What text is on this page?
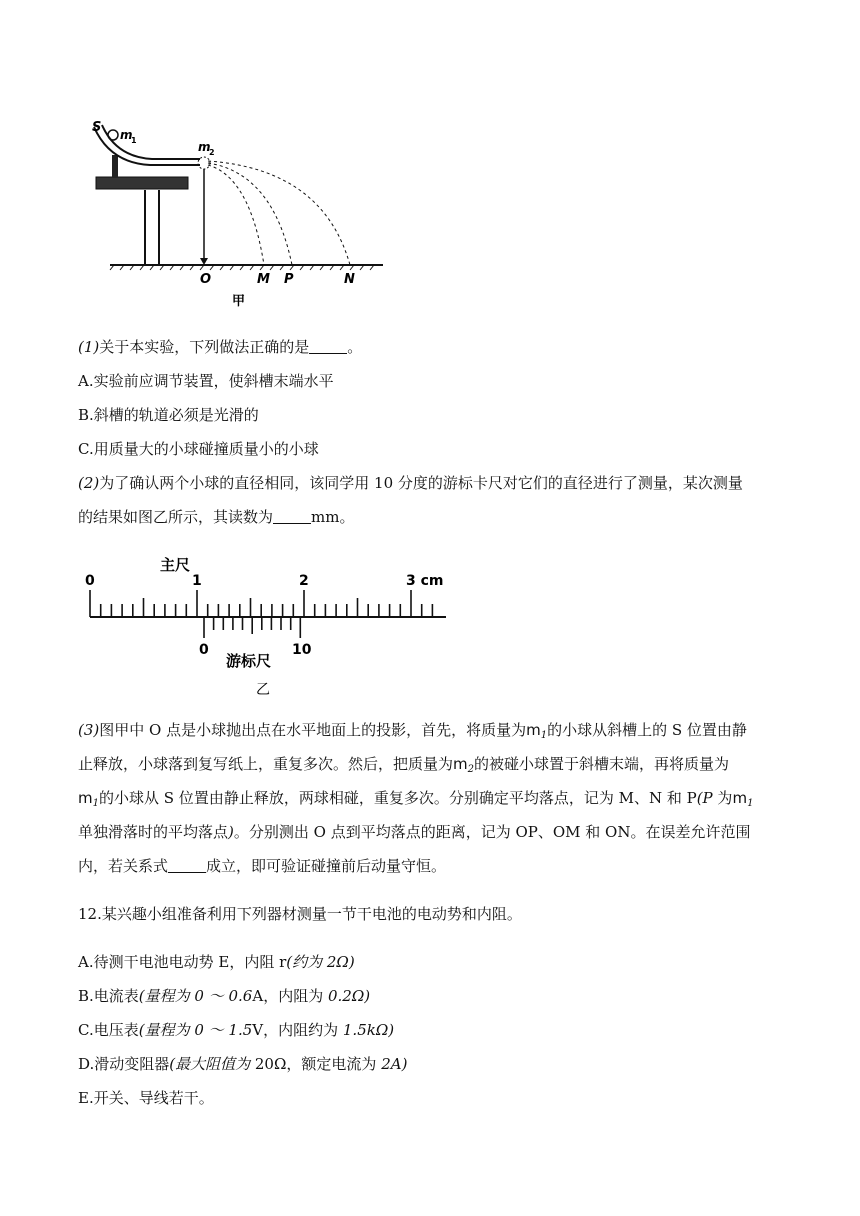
S m
1	m
2
O	M P	N
甲

(1)关于本实验，下列做法正确的是	。

A.实验前应调节装置，使斜槽末端水平

B.斜槽的轨道必须是光滑的

C.用质量大的小球碰撞质量小的小球

(2)为了确认两个小球的直径相同，该同学用 10 分度的游标卡尺对它们的直径进行了测量，某次测量

的结果如图乙所示，其读数为	mm。

主尺
0	1	2	3 cm
0	10
游标尺
乙

(3)图甲中 O 点是小球抛出点在水平地面上的投影，首先，将质量为$m_1$的小球从斜槽上的 S 位置由静

止释放，小球落到复写纸上，重复多次。然后，把质量为$m_2$的被碰小球置于斜槽末端，再将质量为

$m_1$的小球从 S 位置由静止释放，两球相碰，重复多次。分别确定平均落点，记为 M、N 和 P(P 为$m_1$

单独滑落时的平均落点)。分别测出 O 点到平均落点的距离，记为 OP、OM 和 ON。在误差允许范围

内，若关系式	成立，即可验证碰撞前后动量守恒。

12.某兴趣小组准备利用下列器材测量一节干电池的电动势和内阻。

A.待测干电池电动势 E，内阻 r(约为 2Ω)

B.电流表(量程为 0 ～ 0.6A，内阻为 0.2Ω)

C.电压表(量程为 0 ～ 1.5V，内阻约为 1.5kΩ)

D.滑动变阻器(最大阻值为 20Ω，额定电流为 2A)

E.开关、导线若干。
